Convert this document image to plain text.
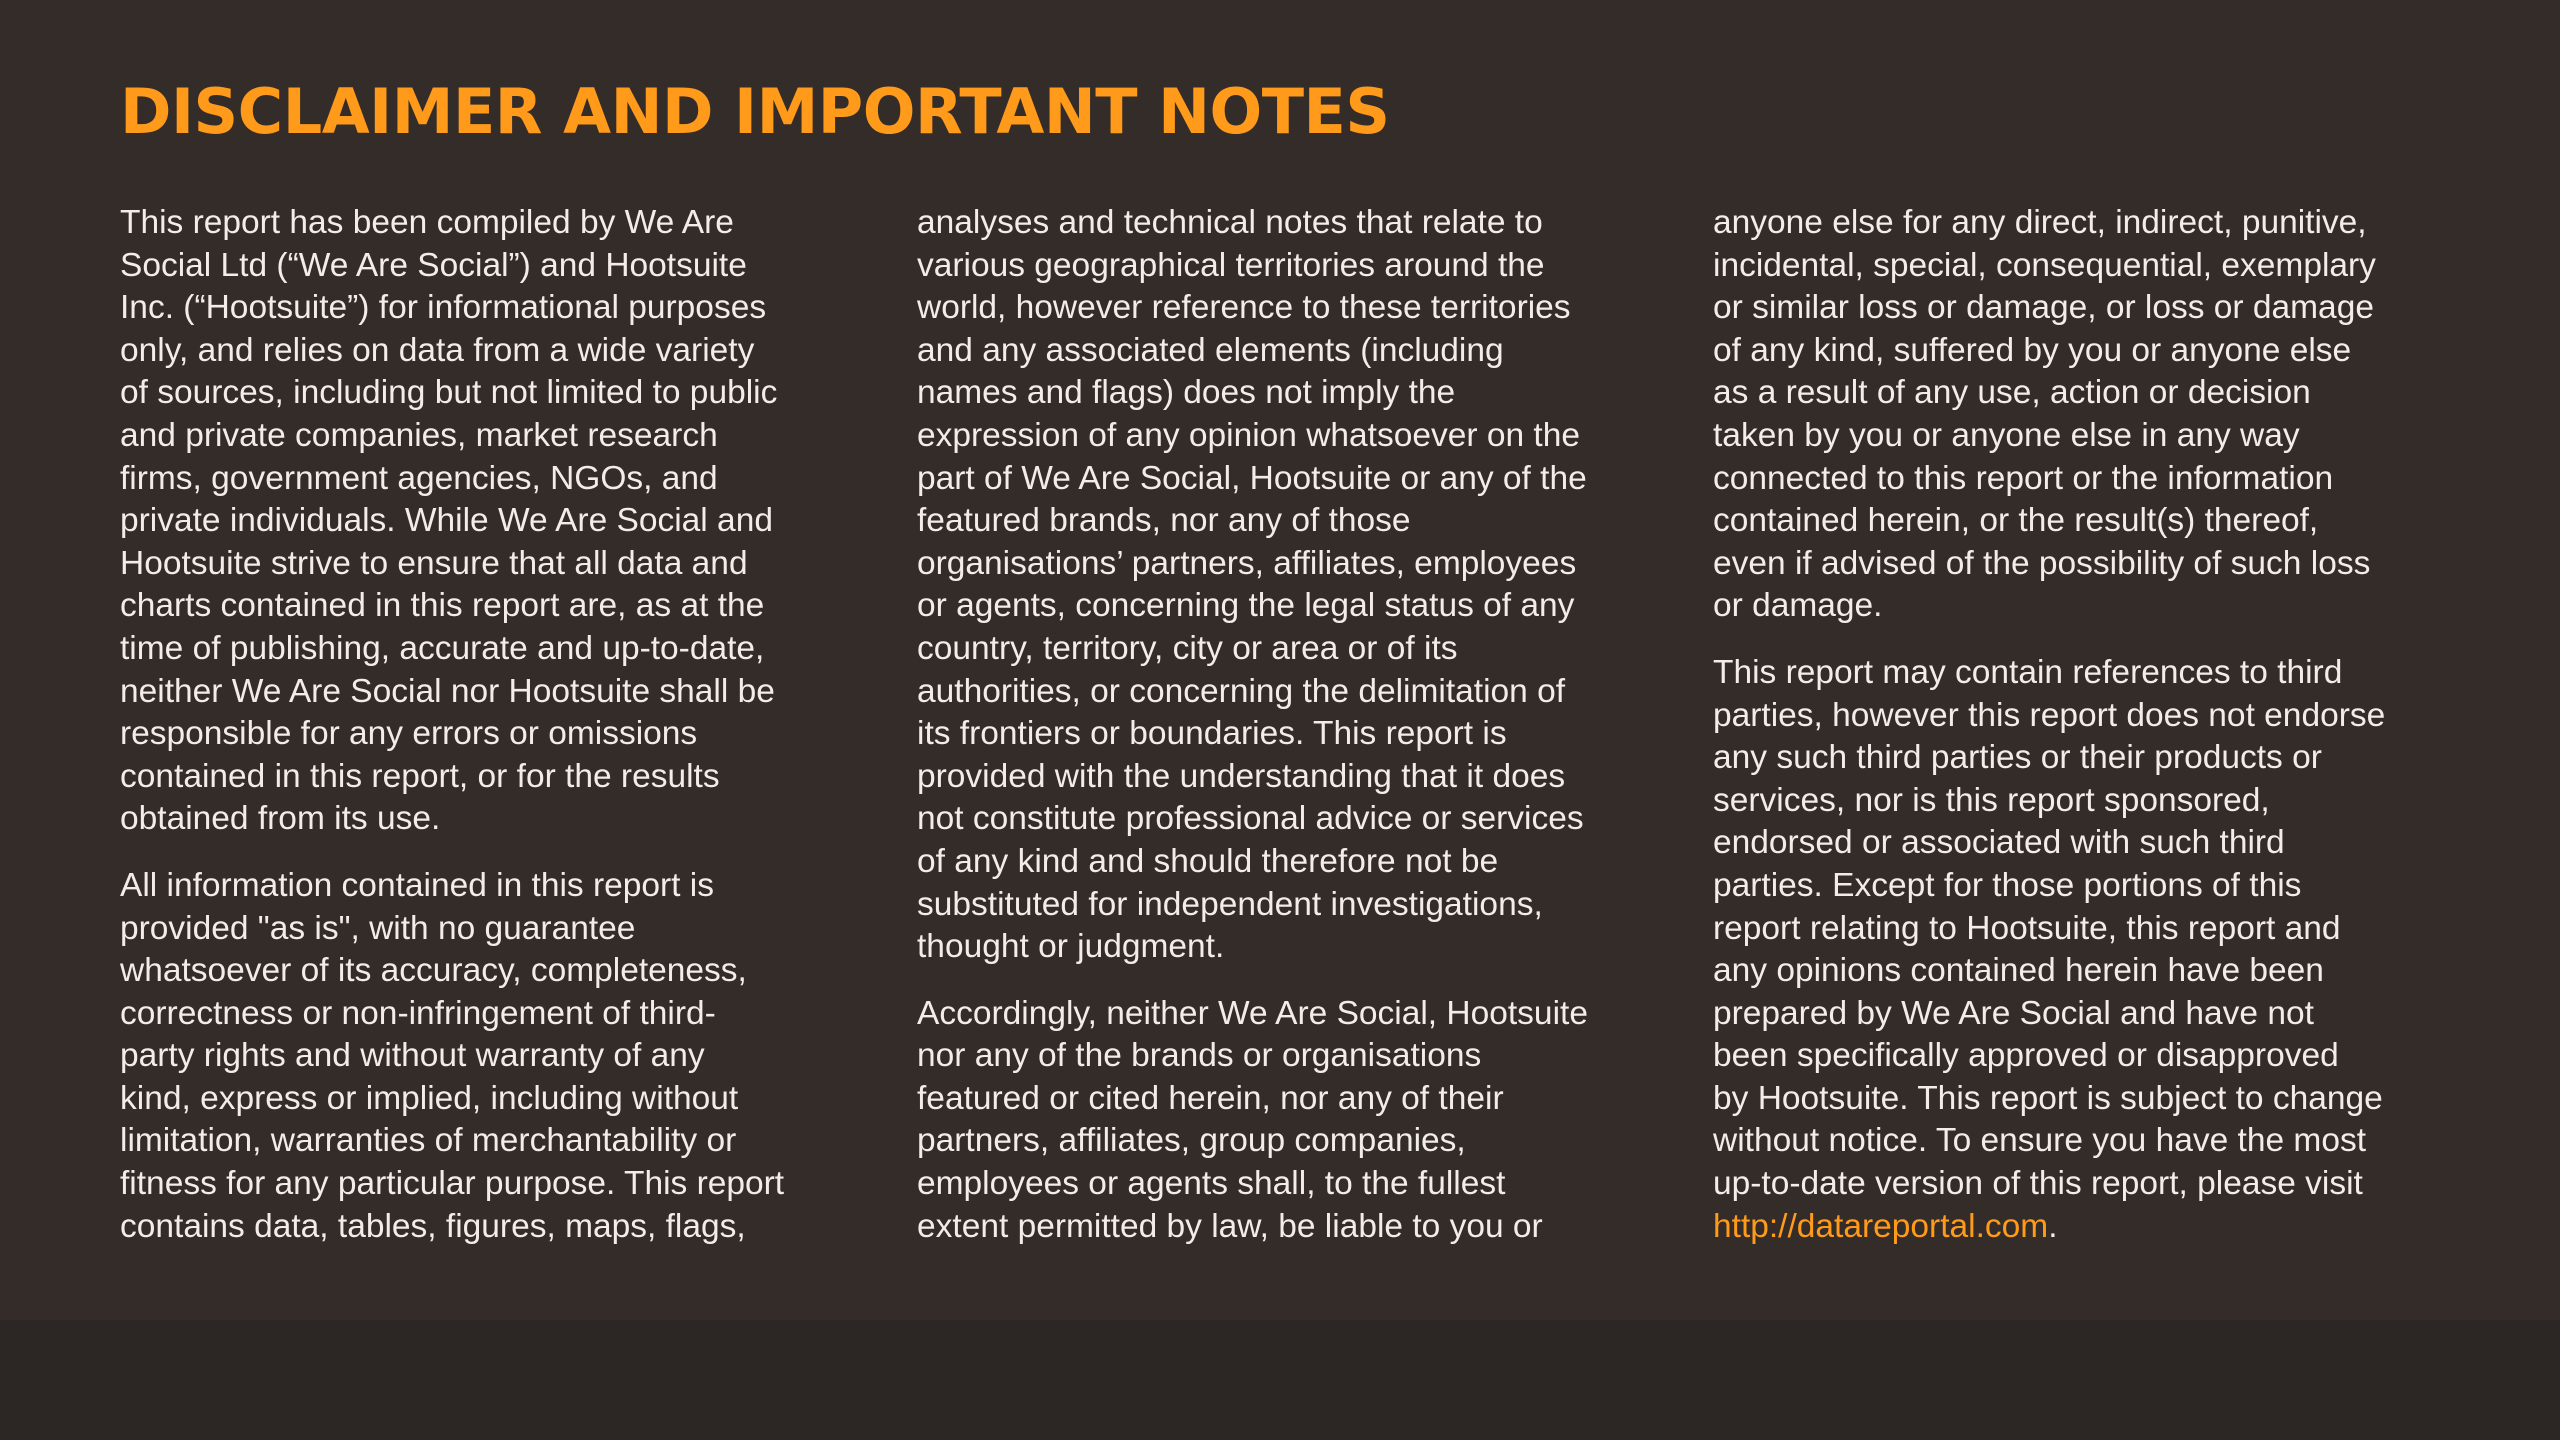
DISCLAIMER AND IMPORTANT NOTES

This report has been compiled by We Are
Social Ltd (“We Are Social”) and Hootsuite
Inc. (“Hootsuite”) for informational purposes
only, and relies on data from a wide variety
of sources, including but not limited to public
and private companies, market research
firms, government agencies, NGOs, and
private individuals. While We Are Social and
Hootsuite strive to ensure that all data and
charts contained in this report are, as at the
time of publishing, accurate and up-to-date,
neither We Are Social nor Hootsuite shall be
responsible for any errors or omissions
contained in this report, or for the results
obtained from its use.

All information contained in this report is
provided "as is", with no guarantee
whatsoever of its accuracy, completeness,
correctness or non-infringement of third-
party rights and without warranty of any
kind, express or implied, including without
limitation, warranties of merchantability or
fitness for any particular purpose. This report
contains data, tables, figures, maps, flags,

analyses and technical notes that relate to
various geographical territories around the
world, however reference to these territories
and any associated elements (including
names and flags) does not imply the
expression of any opinion whatsoever on the
part of We Are Social, Hootsuite or any of the
featured brands, nor any of those
organisations’ partners, affiliates, employees
or agents, concerning the legal status of any
country, territory, city or area or of its
authorities, or concerning the delimitation of
its frontiers or boundaries. This report is
provided with the understanding that it does
not constitute professional advice or services
of any kind and should therefore not be
substituted for independent investigations,
thought or judgment.

Accordingly, neither We Are Social, Hootsuite
nor any of the brands or organisations
featured or cited herein, nor any of their
partners, affiliates, group companies,
employees or agents shall, to the fullest
extent permitted by law, be liable to you or

anyone else for any direct, indirect, punitive,
incidental, special, consequential, exemplary
or similar loss or damage, or loss or damage
of any kind, suffered by you or anyone else
as a result of any use, action or decision
taken by you or anyone else in any way
connected to this report or the information
contained herein, or the result(s) thereof,
even if advised of the possibility of such loss
or damage.

This report may contain references to third
parties, however this report does not endorse
any such third parties or their products or
services, nor is this report sponsored,
endorsed or associated with such third
parties. Except for those portions of this
report relating to Hootsuite, this report and
any opinions contained herein have been
prepared by We Are Social and have not
been specifically approved or disapproved
by Hootsuite. This report is subject to change
without notice. To ensure you have the most
up-to-date version of this report, please visit
http://datareportal.com.
